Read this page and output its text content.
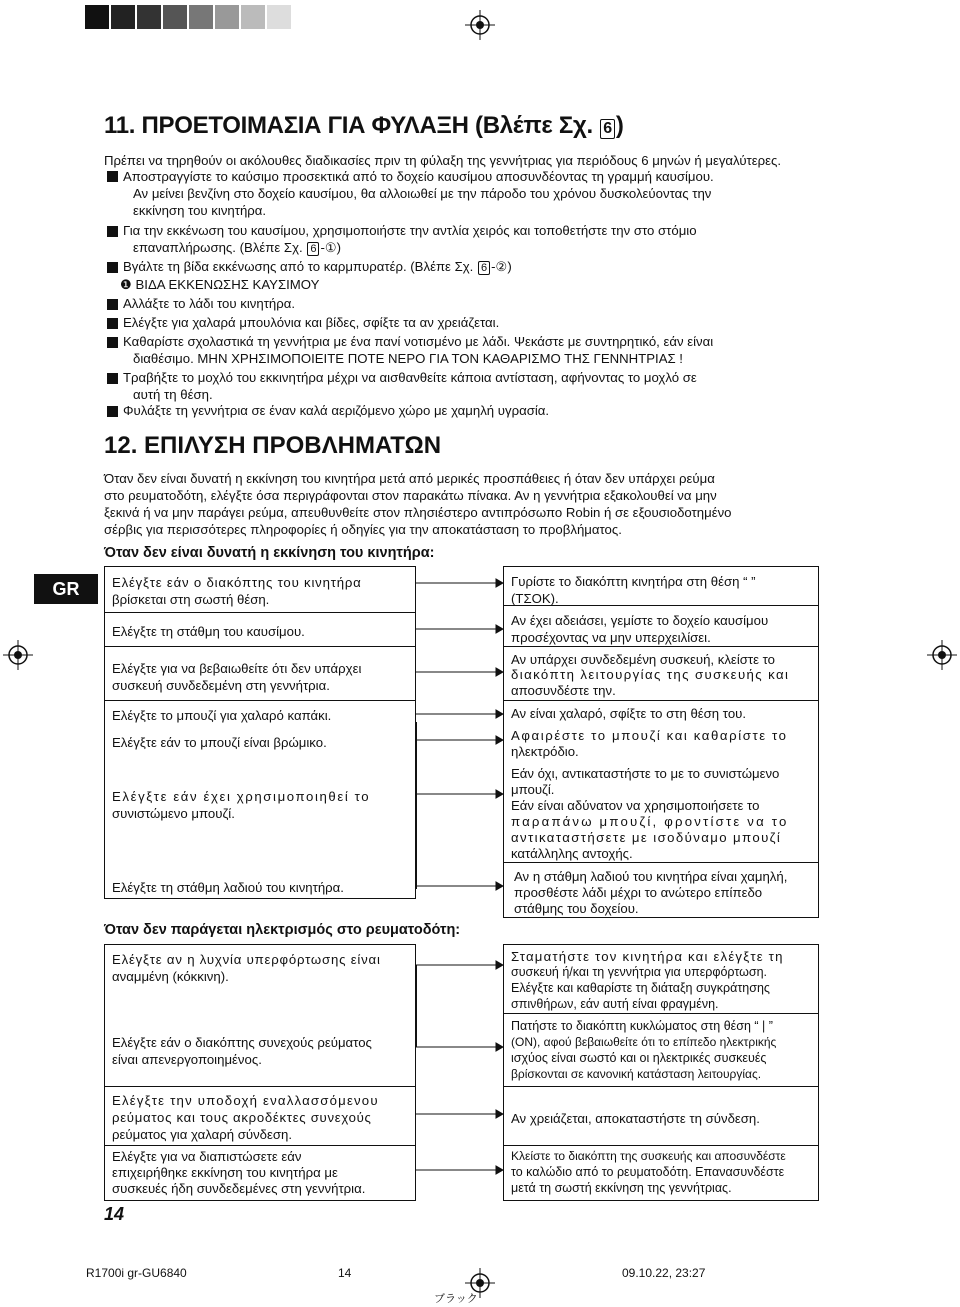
11. ΠΡΟΕΤΟΙΜΑΣΙΑ ΓΙΑ ΦΥΛΑΞΗ (Βλέπε Σχ. 6 )
Πρέπει να τηρηθούν οι ακόλουθες διαδικασίες πριν τη φύλαξη της γεννήτριας για περιόδους 6 μηνών ή μεγαλύτερες.
Αποστραγγίστε το καύσιμο προσεκτικά από το δοχείο καυσίμου αποσυνδέοντας τη γραμμή καυσίμου.
Αν μείνει βενζίνη στο δοχείο καυσίμου, θα αλλοιωθεί με την πάροδο του χρόνου δυσκολεύοντας την
εκκίνηση του κινητήρα.
Για την εκκένωση του καυσίμου, χρησιμοποιήστε την αντλία χειρός και τοποθετήστε την στο στόμιο
επαναπλήρωσης. (Βλέπε Σχ. 6 -①)
Βγάλτε τη βίδα εκκένωσης από το καρμπυρατέρ. (Βλέπε Σχ. 6 -②)
❶ ΒΙΔΑ ΕΚΚΕΝΩΣΗΣ ΚΑΥΣΙΜΟΥ
Αλλάξτε το λάδι του κινητήρα.
Ελέγξτε για χαλαρά μπουλόνια και βίδες, σφίξτε τα αν χρειάζεται.
Καθαρίστε σχολαστικά τη γεννήτρια με ένα πανί νοτισμένο με λάδι. Ψεκάστε με συντηρητικό, εάν είναι
διαθέσιμο. ΜΗΝ ΧΡΗΣΙΜΟΠΟΙΕΙΤΕ ΠΟΤΕ ΝΕΡΟ ΓΙΑ ΤΟΝ ΚΑΘΑΡΙΣΜΟ ΤΗΣ ΓΕΝΝΗΤΡΙΑΣ !
Τραβήξτε το μοχλό του εκκινητήρα μέχρι να αισθανθείτε κάποια αντίσταση, αφήνοντας το μοχλό σε
αυτή τη θέση.
Φυλάξτε τη γεννήτρια σε έναν καλά αεριζόμενο χώρο με χαμηλή υγρασία.
12. ΕΠΙΛΥΣΗ ΠΡΟΒΛΗΜΑΤΩΝ
Όταν δεν είναι δυνατή η εκκίνηση του κινητήρα μετά από μερικές προσπάθειες ή όταν δεν υπάρχει ρεύμα
στο ρευματοδότη, ελέγξτε όσα περιγράφονται στον παρακάτω πίνακα. Αν η γεννήτρια εξακολουθεί να μην
ξεκινά ή να μην παράγει ρεύμα, απευθυνθείτε στον πλησιέστερο αντιπρόσωπο Robin ή σε εξουσιοδοτημένο
σέρβις για περισσότερες πληροφορίες ή οδηγίες για την αποκατάσταση το προβλήματος.
GR
Όταν δεν είναι δυνατή η εκκίνηση του κινητήρα:
Ελέγξτε εάν ο διακόπτης του κινητήρα
βρίσκεται στη σωστή θέση.
Ελέγξτε τη στάθμη του καυσίμου.
Ελέγξτε για να βεβαιωθείτε ότι δεν υπάρχει
συσκευή συνδεδεμένη στη γεννήτρια.
Ελέγξτε το μπουζί για χαλαρό καπάκι.
Ελέγξτε εάν το μπουζί είναι βρώμικο.
Ελέγξτε εάν έχει χρησιμοποιηθεί το
συνιστώμενο μπουζί.
Ελέγξτε τη στάθμη λαδιού του κινητήρα.
Γυρίστε το διακόπτη κινητήρα στη θέση “ ”
(ΤΣΟΚ).
Αν έχει αδειάσει, γεμίστε το δοχείο καυσίμου
προσέχοντας να μην υπερχειλίσει.
Αν υπάρχει συνδεδεμένη συσκευή, κλείστε το
διακόπτη λειτουργίας της συσκευής και
αποσυνδέστε την.
Αν είναι χαλαρό, σφίξτε το στη θέση του.
Αφαιρέστε το μπουζί και καθαρίστε το
ηλεκτρόδιο.
Εάν όχι, αντικαταστήστε το με το συνιστώμενο
μπουζί.
Εάν είναι αδύνατον να χρησιμοποιήσετε το
παραπάνω μπουζί, φροντίστε να το
αντικαταστήσετε με ισοδύναμο μπουζί
κατάλληλης αντοχής.
Αν η στάθμη λαδιού του κινητήρα είναι χαμηλή,
προσθέστε λάδι μέχρι το ανώτερο επίπεδο
στάθμης του δοχείου.
Όταν δεν παράγεται ηλεκτρισμός στο ρευματοδότη:
Ελέγξτε αν η λυχνία υπερφόρτωσης είναι
αναμμένη (κόκκινη).
Ελέγξτε εάν ο διακόπτης συνεχούς ρεύματος
είναι απενεργοποιημένος.
Ελέγξτε την υποδοχή εναλλασσόμενου
ρεύματος και τους ακροδέκτες συνεχούς
ρεύματος για χαλαρή σύνδεση.
Ελέγξτε για να διαπιστώσετε εάν
επιχειρήθηκε εκκίνηση του κινητήρα με
συσκευές ήδη συνδεδεμένες στη γεννήτρια.
Σταματήστε τον κινητήρα και ελέγξτε τη
συσκευή ή/και τη γεννήτρια για υπερφόρτωση.
Ελέγξτε και καθαρίστε τη διάταξη συγκράτησης
σπινθήρων, εάν αυτή είναι φραγμένη.
Πατήστε το διακόπτη κυκλώματος στη θέση “ | ”
(ON), αφού βεβαιωθείτε ότι το επίπεδο ηλεκτρικής
ισχύος είναι σωστό και οι ηλεκτρικές συσκευές
βρίσκονται σε κανονική κατάσταση λειτουργίας.
Αν χρειάζεται, αποκαταστήστε τη σύνδεση.
Κλείστε το διακόπτη της συσκευής και αποσυνδέστε
το καλώδιο από το ρευματοδότη. Επανασυνδέστε
μετά τη σωστή εκκίνηση της γεννήτριας.
14
R1700i gr-GU6840	14	09.10.22, 23:27
ブラック
